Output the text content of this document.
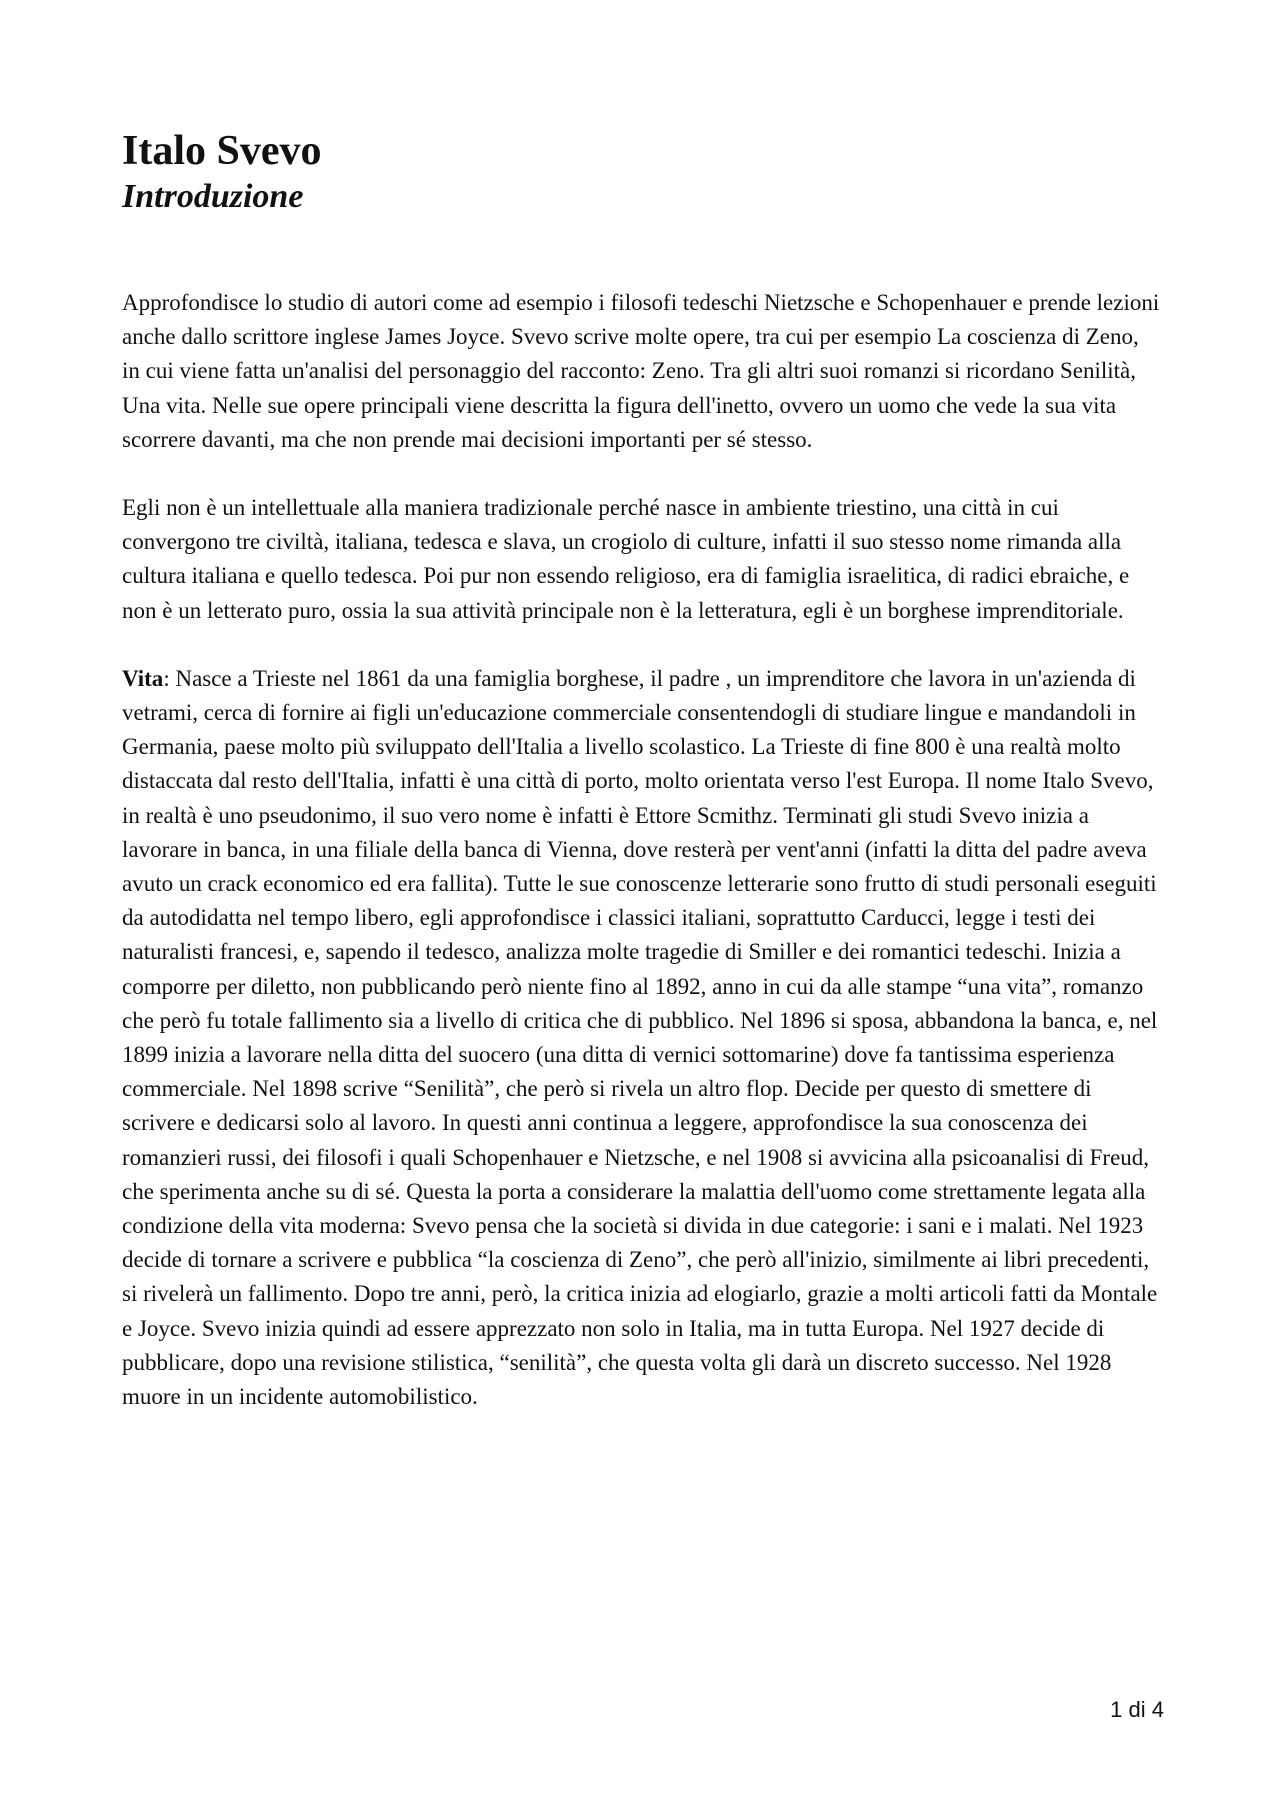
Italo Svevo
Introduzione

Approfondisce lo studio di autori come ad esempio i filosofi tedeschi Nietzsche e Schopenhauer e prende lezioni anche dallo scrittore inglese James Joyce. Svevo scrive molte opere, tra cui per esempio La coscienza di Zeno, in cui viene fatta un'analisi del personaggio del racconto: Zeno. Tra gli altri suoi romanzi si ricordano Senilità, Una vita. Nelle sue opere principali viene descritta la figura dell'inetto, ovvero un uomo che vede la sua vita scorrere davanti, ma che non prende mai decisioni importanti per sé stesso.

Egli non è un intellettuale alla maniera tradizionale perché nasce in ambiente triestino, una città in cui convergono tre civiltà, italiana, tedesca e slava, un crogiolo di culture, infatti il suo stesso nome rimanda alla cultura italiana e quello tedesca. Poi pur non essendo religioso, era di famiglia israelitica, di radici ebraiche, e non è un letterato puro, ossia la sua attività principale non è la letteratura, egli è un borghese imprenditoriale.

Vita: Nasce a Trieste nel 1861 da una famiglia borghese, il padre , un imprenditore che lavora in un'azienda di vetrami, cerca di fornire ai figli un'educazione commerciale consentendogli di studiare lingue e mandandoli in Germania, paese molto più sviluppato dell'Italia a livello scolastico. La Trieste di fine 800 è una realtà molto distaccata dal resto dell'Italia, infatti è una città di porto, molto orientata verso l'est Europa. Il nome Italo Svevo, in realtà è uno pseudonimo, il suo vero nome è infatti è Ettore Scmithz. Terminati gli studi Svevo inizia a lavorare in banca, in una filiale della banca di Vienna, dove resterà per vent'anni (infatti la ditta del padre aveva avuto un crack economico ed era fallita). Tutte le sue conoscenze letterarie sono frutto di studi personali eseguiti da autodidatta nel tempo libero, egli approfondisce i classici italiani, soprattutto Carducci, legge i testi dei naturalisti francesi, e, sapendo il tedesco, analizza molte tragedie di Smiller e dei romantici tedeschi. Inizia a comporre per diletto, non pubblicando però niente fino al 1892, anno in cui da alle stampe “una vita”, romanzo che però fu totale fallimento sia a livello di critica che di pubblico. Nel 1896 si sposa, abbandona la banca, e, nel 1899 inizia a lavorare nella ditta del suocero (una ditta di vernici sottomarine) dove fa tantissima esperienza commerciale. Nel 1898 scrive “Senilità”, che però si rivela un altro flop. Decide per questo di smettere di scrivere e dedicarsi solo al lavoro. In questi anni continua a leggere, approfondisce la sua conoscenza dei romanzieri russi, dei filosofi i quali Schopenhauer e Nietzsche, e nel 1908 si avvicina alla psicoanalisi di Freud, che sperimenta anche su di sé. Questa la porta a considerare la malattia dell'uomo come strettamente legata alla condizione della vita moderna: Svevo pensa che la società si divida in due categorie: i sani e i malati. Nel 1923 decide di tornare a scrivere e pubblica “la coscienza di Zeno”, che però all'inizio, similmente ai libri precedenti, si rivelerà un fallimento. Dopo tre anni, però, la critica inizia ad elogiarlo, grazie a molti articoli fatti da Montale e Joyce. Svevo inizia quindi ad essere apprezzato non solo in Italia, ma in tutta Europa. Nel 1927 decide di pubblicare, dopo una revisione stilistica, “senilità”, che questa volta gli darà un discreto successo. Nel 1928 muore in un incidente automobilistico.

1 di 4
